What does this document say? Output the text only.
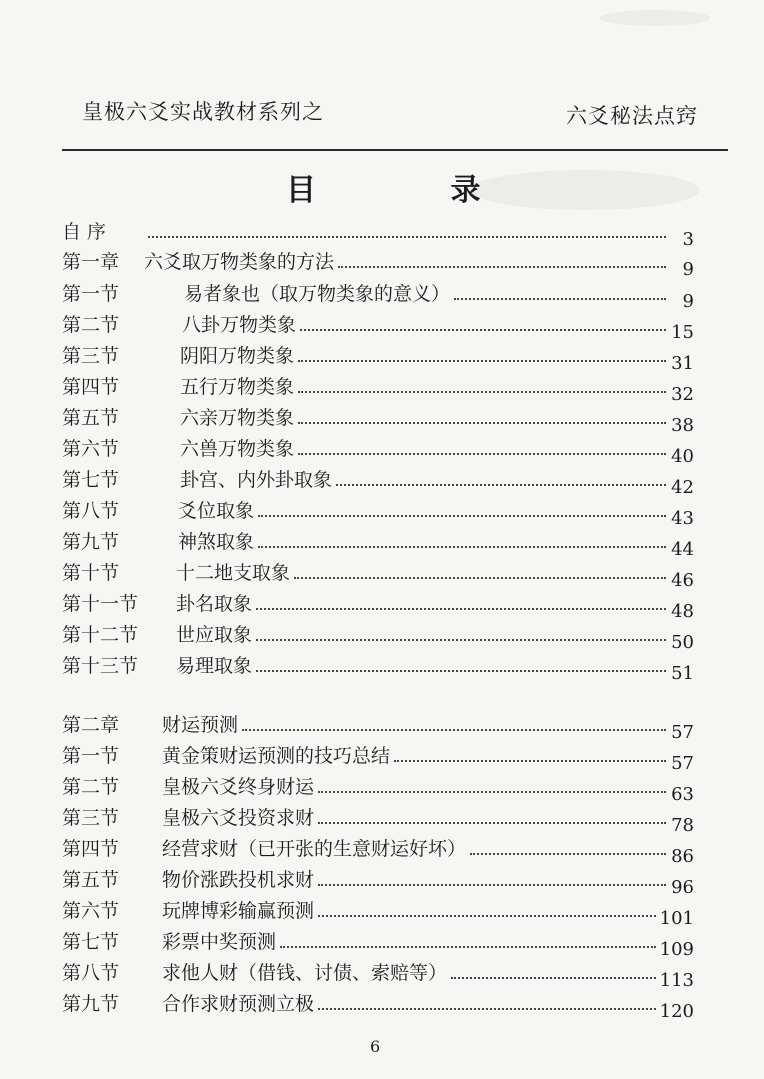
皇极六爻实战教材系列之	六爻秘法点窍
目 录
自 序	3
第一章	六爻取万物类象的方法	9
第一节	易者象也（取万物类象的意义）	9
第二节	八卦万物类象	15
第三节	阴阳万物类象	31
第四节	五行万物类象	32
第五节	六亲万物类象	38
第六节	六兽万物类象	40
第七节	卦宫、内外卦取象	42
第八节	爻位取象	43
第九节	神煞取象	44
第十节	十二地支取象	46
第十一节	卦名取象	48
第十二节	世应取象	50
第十三节	易理取象	51
第二章	财运预测	57
第一节	黄金策财运预测的技巧总结	57
第二节	皇极六爻终身财运	63
第三节	皇极六爻投资求财	78
第四节	经营求财（已开张的生意财运好坏）	86
第五节	物价涨跌投机求财	96
第六节	玩牌博彩输赢预测	101
第七节	彩票中奖预测	109
第八节	求他人财（借钱、讨债、索赔等）	113
第九节	合作求财预测立极	120
6
